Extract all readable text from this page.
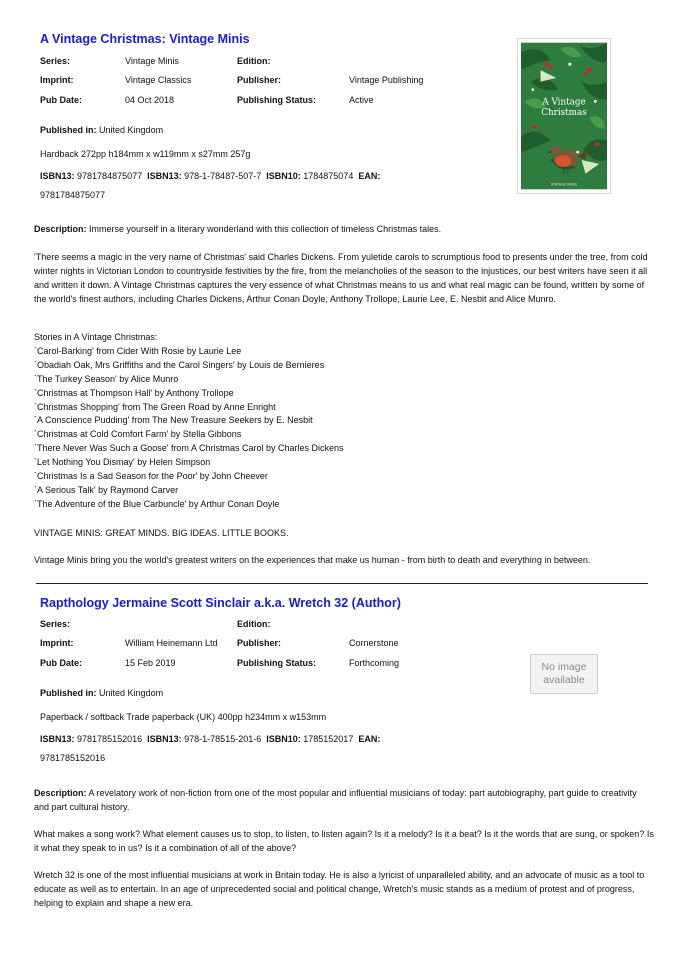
A Vintage Christmas: Vintage Minis
Series:	Vintage Minis	Edition:	
Imprint:	Vintage Classics	Publisher:	Vintage Publishing
Pub Date:	04 Oct 2018	Publishing Status:	Active
Published in: United Kingdom
Hardback 272pp h184mm x w119mm x s27mm 257g
ISBN13: 9781784875077 ISBN13: 978-1-78487-507-7 ISBN10: 1784875074 EAN:
9781784875077
A Vintage
Christmas
VINTAGE MINIS

Description: Immerse yourself in a literary wonderland with this collection of timeless Christmas tales.

'There seems a magic in the very name of Christmas' said Charles Dickens. From yuletide carols to scrumptious food to presents under the tree, from cold winter nights in Victorian London to countryside festivities by the fire, from the melancholies of the season to the injustices, our best writers have seen it all and written it down. A Vintage Christmas captures the very essence of what Christmas means to us and what real magic can be found, written by some of the world's finest authors, including Charles Dickens, Arthur Conan Doyle, Anthony Trollope, Laurie Lee, E. Nesbit and Alice Munro.

Stories in A Vintage Christmas:
`Carol-Barking' from Cider With Rosie by Laurie Lee
`Obadiah Oak, Mrs Griffiths and the Carol Singers' by Louis de Bernieres
`The Turkey Season' by Alice Munro
`Christmas at Thompson Hall' by Anthony Trollope
`Christmas Shopping' from The Green Road by Anne Enright
`A Conscience Pudding' from The New Treasure Seekers by E. Nesbit
`Christmas at Cold Comfort Farm' by Stella Gibbons
`There Never Was Such a Goose' from A Christmas Carol by Charles Dickens
`Let Nothing You Dismay' by Helen Simpson
`Christmas Is a Sad Season for the Poor' by John Cheever
`A Serious Talk' by Raymond Carver
`The Adventure of the Blue Carbuncle' by Arthur Conan Doyle

VINTAGE MINIS: GREAT MINDS. BIG IDEAS. LITTLE BOOKS.

Vintage Minis bring you the world's greatest writers on the experiences that make us human - from birth to death and everything in between.

Rapthology Jermaine Scott Sinclair a.k.a. Wretch 32 (Author)
Series:		Edition:	
Imprint:	William Heinemann Ltd	Publisher:	Cornerstone
Pub Date:	15 Feb 2019	Publishing Status:	Forthcoming	No image
available
Published in: United Kingdom
Paperback / softback Trade paperback (UK) 400pp h234mm x w153mm
ISBN13: 9781785152016 ISBN13: 978-1-78515-201-6 ISBN10: 1785152017 EAN:
9781785152016

Description: A revelatory work of non-fiction from one of the most popular and influential musicians of today: part autobiography, part guide to creativity and part cultural history.

What makes a song work? What element causes us to stop, to listen, to listen again? Is it a melody? Is it a beat? Is it the words that are sung, or spoken? Is it what they speak to in us? Is it a combination of all of the above?

Wretch 32 is one of the most influential musicians at work in Britain today. He is also a lyricist of unparalleled ability, and an advocate of music as a tool to educate as well as to entertain. In an age of unprecedented social and political change, Wretch's music stands as a medium of protest and of progress, helping to explain and shape a new era.
